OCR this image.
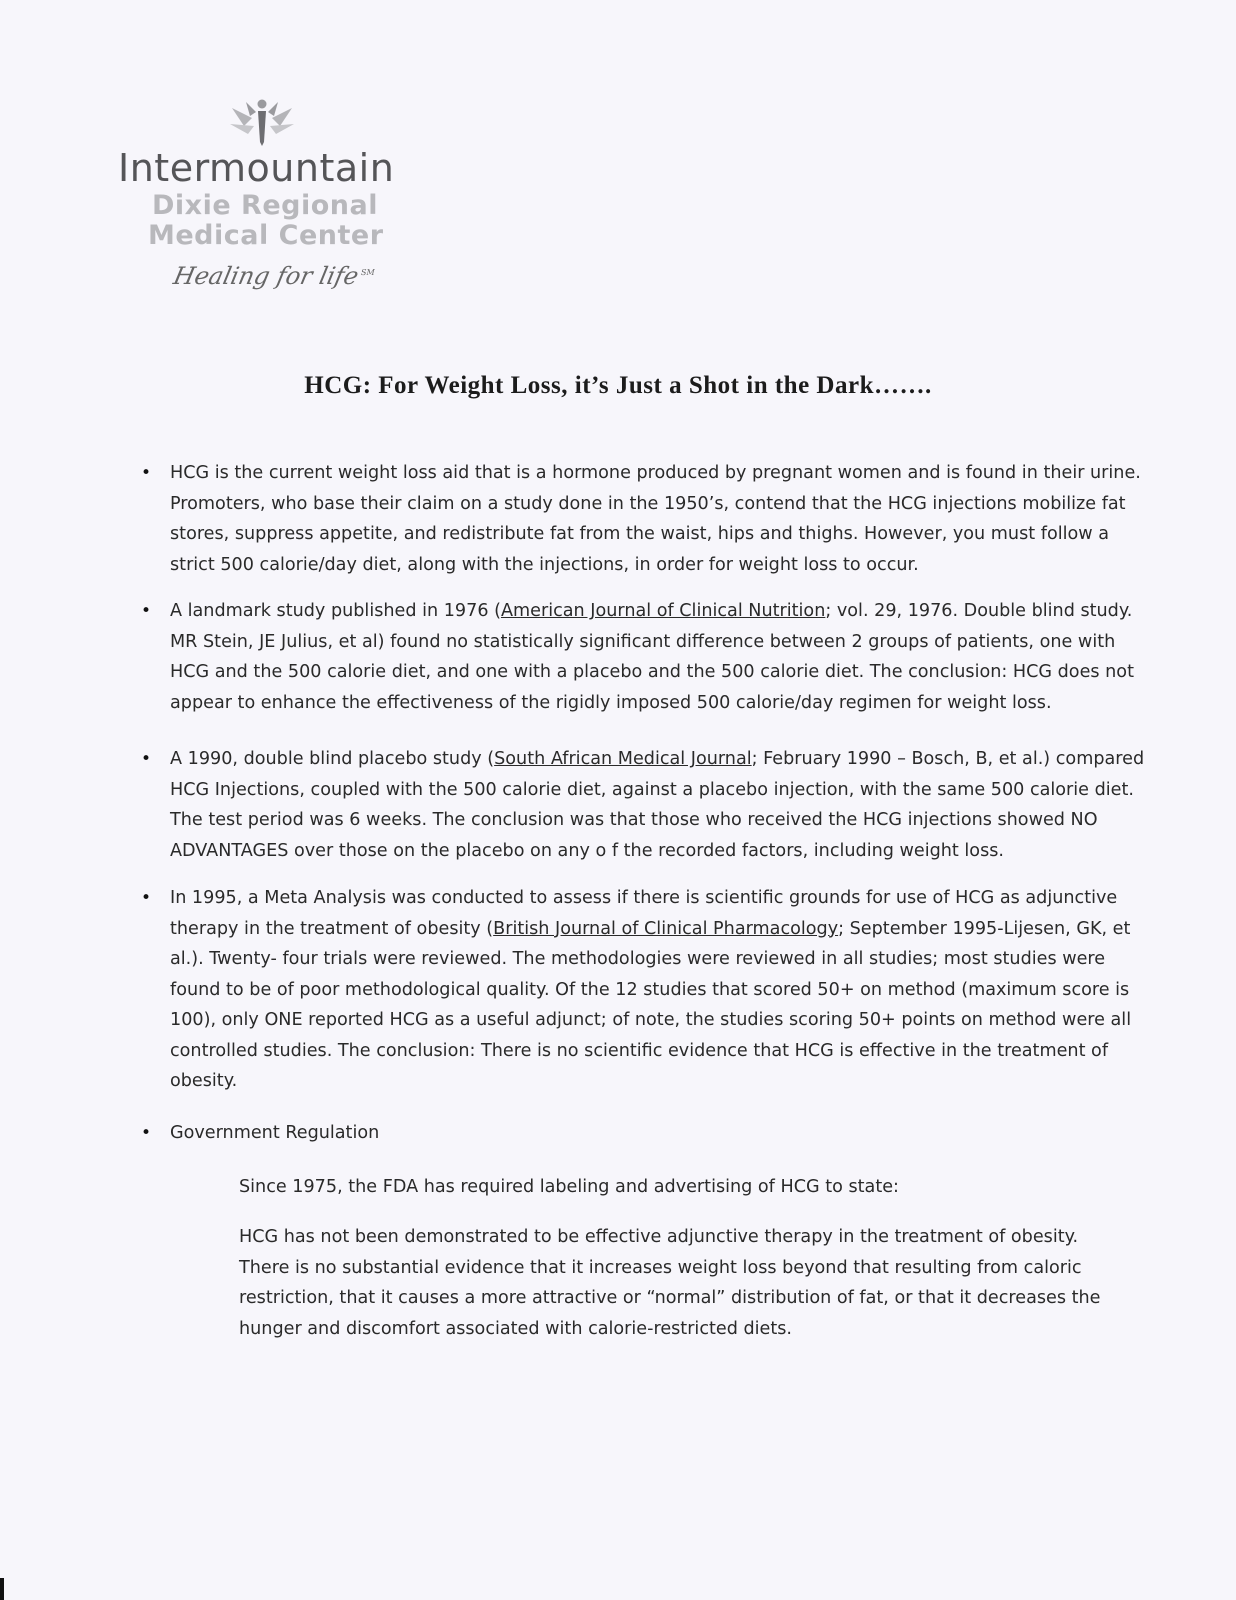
Intermountain
Dixie Regional
Medical Center
Healing for life℠
HCG: For Weight Loss, it’s Just a Shot in the Dark…….
• HCG is the current weight loss aid that is a hormone produced by pregnant women and is found in their urine. Promoters, who base their claim on a study done in the 1950’s, contend that the HCG injections mobilize fat stores, suppress appetite, and redistribute fat from the waist, hips and thighs. However, you must follow a strict 500 calorie/day diet, along with the injections, in order for weight loss to occur.

• A landmark study published in 1976 (American Journal of Clinical Nutrition; vol. 29, 1976. Double blind study. MR Stein, JE Julius, et al) found no statistically significant difference between 2 groups of patients, one with HCG and the 500 calorie diet, and one with a placebo and the 500 calorie diet. The conclusion: HCG does not appear to enhance the effectiveness of the rigidly imposed 500 calorie/day regimen for weight loss.

• A 1990, double blind placebo study (South African Medical Journal; February 1990 – Bosch, B, et al.) compared HCG Injections, coupled with the 500 calorie diet, against a placebo injection, with the same 500 calorie diet. The test period was 6 weeks. The conclusion was that those who received the HCG injections showed NO ADVANTAGES over those on the placebo on any o f the recorded factors, including weight loss.

• In 1995, a Meta Analysis was conducted to assess if there is scientific grounds for use of HCG as adjunctive therapy in the treatment of obesity (British Journal of Clinical Pharmacology; September 1995-Lijesen, GK, et al.). Twenty- four trials were reviewed. The methodologies were reviewed in all studies; most studies were found to be of poor methodological quality. Of the 12 studies that scored 50+ on method (maximum score is 100), only ONE reported HCG as a useful adjunct; of note, the studies scoring 50+ points on method were all controlled studies. The conclusion: There is no scientific evidence that HCG is effective in the treatment of obesity.

• Government Regulation

Since 1975, the FDA has required labeling and advertising of HCG to state:

HCG has not been demonstrated to be effective adjunctive therapy in the treatment of obesity. There is no substantial evidence that it increases weight loss beyond that resulting from caloric restriction, that it causes a more attractive or “normal” distribution of fat, or that it decreases the hunger and discomfort associated with calorie-restricted diets.
